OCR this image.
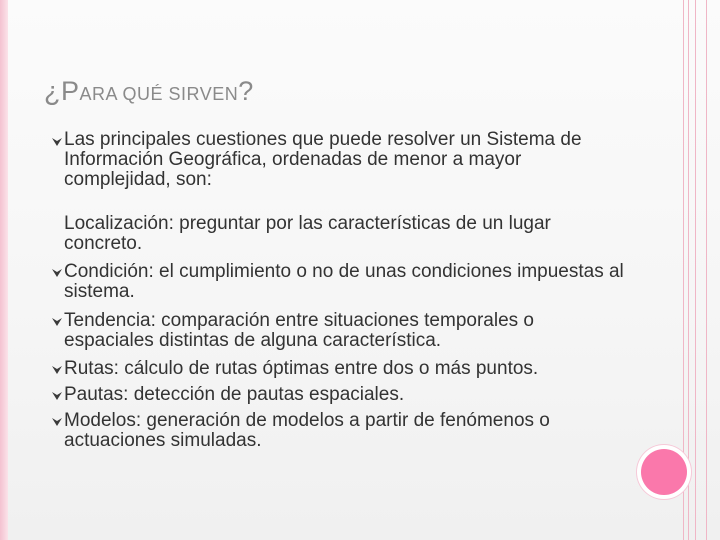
¿PARA QUÉ SIRVEN?
Las principales cuestiones que puede resolver un Sistema de Información Geográfica, ordenadas de menor a mayor complejidad, son:
Localización: preguntar por las características de un lugar concreto.
Condición: el cumplimiento o no de unas condiciones impuestas al sistema.
Tendencia: comparación entre situaciones temporales o espaciales distintas de alguna característica.
Rutas: cálculo de rutas óptimas entre dos o más puntos.
Pautas: detección de pautas espaciales.
Modelos: generación de modelos a partir de fenómenos o actuaciones simuladas.
